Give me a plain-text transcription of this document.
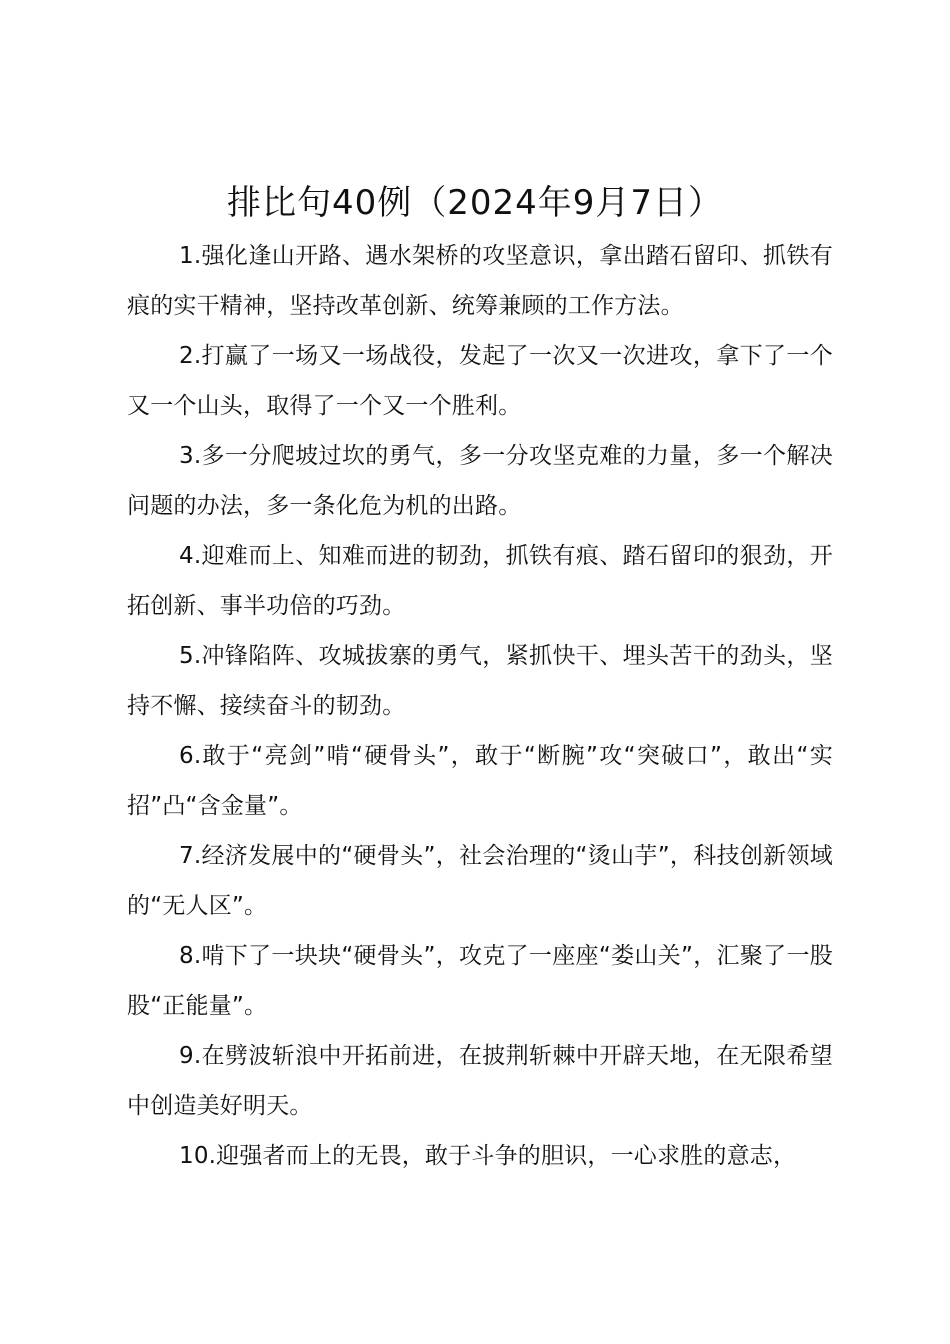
排比句40例（2024年9月7日）

1.强化逢山开路、遇水架桥的攻坚意识，拿出踏石留印、抓铁有痕的实干精神，坚持改革创新、统筹兼顾的工作方法。

2.打赢了一场又一场战役，发起了一次又一次进攻，拿下了一个又一个山头，取得了一个又一个胜利。

3.多一分爬坡过坎的勇气，多一分攻坚克难的力量，多一个解决问题的办法，多一条化危为机的出路。

4.迎难而上、知难而进的韧劲，抓铁有痕、踏石留印的狠劲，开拓创新、事半功倍的巧劲。

5.冲锋陷阵、攻城拔寨的勇气，紧抓快干、埋头苦干的劲头，坚持不懈、接续奋斗的韧劲。

6.敢于“亮剑”啃“硬骨头”，敢于“断腕”攻“突破口”，敢出“实招”凸“含金量”。

7.经济发展中的“硬骨头”，社会治理的“烫山芋”，科技创新领域的“无人区”。

8.啃下了一块块“硬骨头”，攻克了一座座“娄山关”，汇聚了一股股“正能量”。

9.在劈波斩浪中开拓前进，在披荆斩棘中开辟天地，在无限希望中创造美好明天。

10.迎强者而上的无畏，敢于斗争的胆识，一心求胜的意志，
